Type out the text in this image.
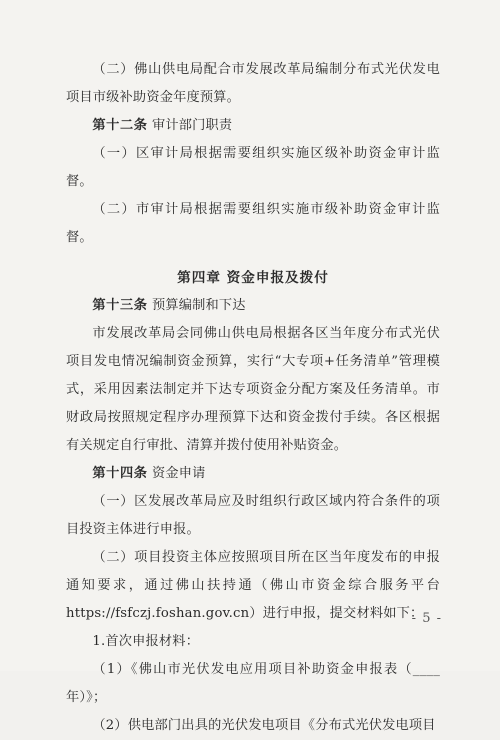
（二）佛山供电局配合市发展改革局编制分布式光伏发电项目市级补助资金年度预算。

第十二条 审计部门职责

（一）区审计局根据需要组织实施区级补助资金审计监督。

（二）市审计局根据需要组织实施市级补助资金审计监督。

第四章 资金申报及拨付

第十三条 预算编制和下达

市发展改革局会同佛山供电局根据各区当年度分布式光伏项目发电情况编制资金预算，实行“大专项+任务清单”管理模式，采用因素法制定并下达专项资金分配方案及任务清单。市财政局按照规定程序办理预算下达和资金拨付手续。各区根据有关规定自行审批、清算并拨付使用补贴资金。

第十四条 资金申请

（一）区发展改革局应及时组织行政区域内符合条件的项目投资主体进行申报。

（二）项目投资主体应按照项目所在区当年度发布的申报通知要求，通过佛山扶持通（佛山市资金综合服务平台https://fsfczj.foshan.gov.cn）进行申报，提交材料如下：

1.首次申报材料：

（1）《佛山市光伏发电应用项目补助资金申报表（____年）》；

（2）供电部门出具的光伏发电项目《分布式光伏发电项目

- 5 -
